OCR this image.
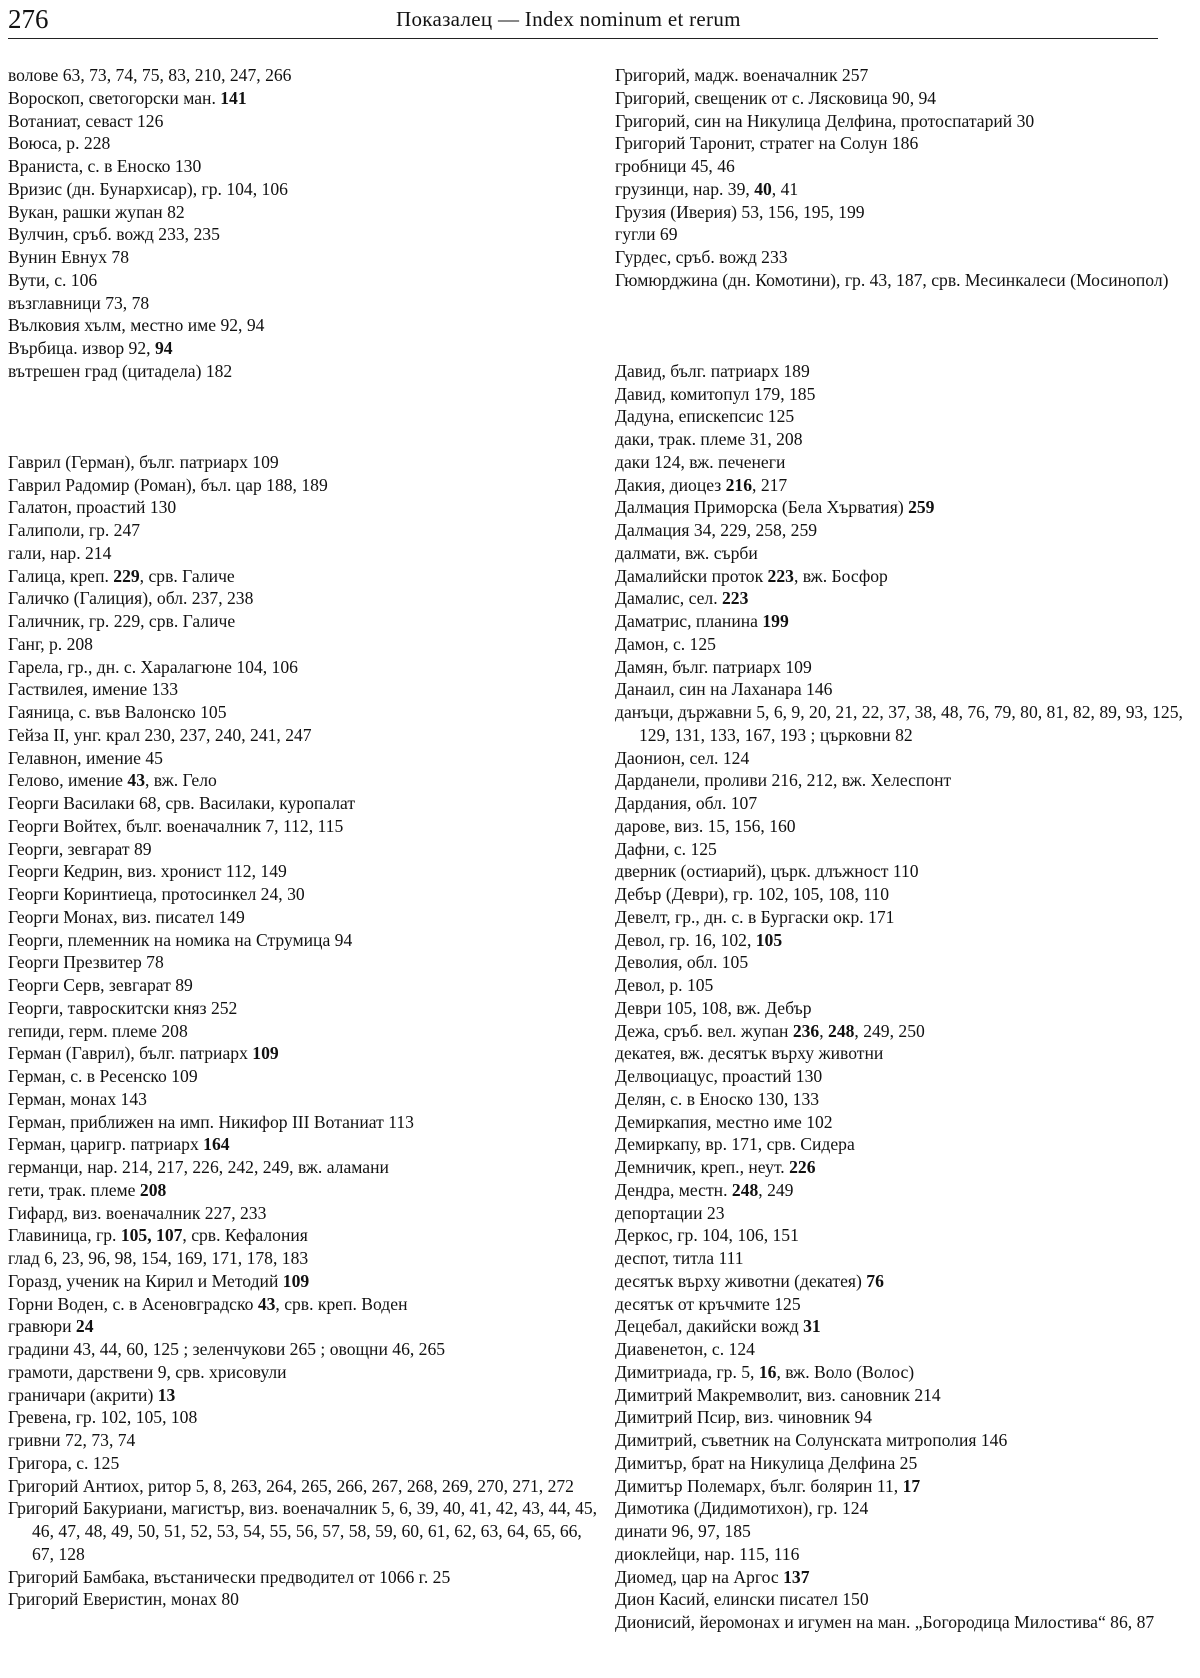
276	Показалец — Index nominum et rerum
волове 63, 73, 74, 75, 83, 210, 247, 266
Ворoскоп, светогорски ман. 141
Вотаниат, севаст 126
Воюса, р. 228
Враниста, с. в Еноско 130
Вризис (дн. Бунархисар), гр. 104, 106
Вукан, рашки жупан 82
Вулчин, сръб. вожд 233, 235
Вунин Евнух 78
Вути, с. 106
възглавници 73, 78
Вълковия хълм, местно име 92, 94
Върбица. извор 92, 94
вътрешен град (цитадела) 182
Гаврил (Герман), бълг. патриарх 109
Гаврил Радомир (Роман), бъл. цар 188, 189
Галатон, проастий 130
Галиполи, гр. 247
гали, нар. 214
Галица, креп. 229, срв. Галиче
Галичко (Галиция), обл. 237, 238
Галичник, гр. 229, срв. Галиче
Ганг, р. 208
Гарела, гр., дн. с. Харалагюне 104, 106
Гаствилея, имение 133
Гаяница, с. във Валонско 105
Гейза II, унг. крал 230, 237, 240, 241, 247
Гелавнон, имение 45
Гелово, имение 43, вж. Гело
Георги Василаки 68, срв. Василаки, куропалат
Георги Войтех, бълг. военачалник 7, 112, 115
Георги, зевгарат 89
Георги Кедрин, виз. хронист 112, 149
Георги Коринтиеца, протосинкел 24, 30
Георги Монах, виз. писател 149
Георги, племенник на номика на Струмица 94
Георги Презвитер 78
Георги Серв, зевгарат 89
Георги, тавроскитски княз 252
гепиди, герм. племе 208
Герман (Гаврил), бълг. патриарх 109
Герман, с. в Ресенско 109
Герман, монах 143
Герман, приближен на имп. Никифор III Вотаниат 113
Герман, царигр. патриарх 164
германци, нар. 214, 217, 226, 242, 249, вж. аламани
гети, трак. племе 208
Гифард, виз. военачалник 227, 233
Главиница, гр. 105, 107, срв. Кефалония
глад 6, 23, 96, 98, 154, 169, 171, 178, 183
Горазд, ученик на Кирил и Методий 109
Горни Воден, с. в Асеновградско 43, срв. креп. Воден
гравюри 24
градини 43, 44, 60, 125 ; зеленчукови 265 ; овощни 46, 265
грамоти, дарствени 9, срв. хрисовули
граничари (акрити) 13
Гревена, гр. 102, 105, 108
гривни 72, 73, 74
Григора, с. 125
Григорий Антиох, ритор 5, 8, 263, 264, 265, 266, 267, 268, 269, 270, 271, 272
Григорий Бакуриани, магистър, виз. военачалник 5, 6, 39, 40, 41, 42, 43, 44, 45, 46, 47, 48, 49, 50, 51, 52, 53, 54, 55, 56, 57, 58, 59, 60, 61, 62, 63, 64, 65, 66, 67, 128
Григорий Бамбака, въстанически предводител от 1066 г. 25
Григорий Еверистин, монах 80
Григорий, мадж. военачалник 257
Григорий, свещеник от с. Лясковица 90, 94
Григорий, син на Никулица Делфина, протоспатарий 30
Григорий Таронит, стратег на Солун 186
гробници 45, 46
грузинци, нар. 39, 40, 41
Грузия (Иверия) 53, 156, 195, 199
гугли 69
Гурдес, сръб. вожд 233
Гюмюрджина (дн. Комотини), гр. 43, 187, срв. Месинкалеси (Мосинопол)
Давид, бълг. патриарх 189
Давид, комитопул 179, 185
Дадуна, епискепсис 125
даки, трак. племе 31, 208
даки 124, вж. печенеги
Дакия, диоцез 216, 217
Далмация Приморска (Бела Хърватия) 259
Далмация 34, 229, 258, 259
далмати, вж. сърби
Дамалийски проток 223, вж. Босфор
Дамалис, сел. 223
Даматрис, планина 199
Дамон, с. 125
Дамян, бълг. патриарх 109
Данаил, син на Лаханара 146
данъци, държавни 5, 6, 9, 20, 21, 22, 37, 38, 48, 76, 79, 80, 81, 82, 89, 93, 125, 129, 131, 133, 167, 193 ; църковни 82
Даонион, сел. 124
Дарданели, проливи 216, 212, вж. Хелеспонт
Дардания, обл. 107
дарове, виз. 15, 156, 160
Дафни, с. 125
дверник (остиарий), църк. длъжност 110
Дебър (Деври), гр. 102, 105, 108, 110
Девелт, гр., дн. с. в Бургаски окр. 171
Девол, гр. 16, 102, 105
Деволия, обл. 105
Девол, р. 105
Деври 105, 108, вж. Дебър
Дежа, сръб. вел. жупан 236, 248, 249, 250
декатея, вж. десятък върху животни
Делвоциацус, проастий 130
Делян, с. в Еноско 130, 133
Демиркапия, местно име 102
Демиркапу, вр. 171, срв. Сидера
Демничик, креп., неут. 226
Дендра, местн. 248, 249
депортации 23
Деркос, гр. 104, 106, 151
деспот, титла 111
десятък върху животни (декатея) 76
десятък от кръчмите 125
Децебал, дакийски вожд 31
Диавенетон, с. 124
Димитриада, гр. 5, 16, вж. Воло (Волос)
Димитрий Макремволит, виз. сановник 214
Димитрий Псир, виз. чиновник 94
Димитрий, съветник на Солунската митрополия 146
Димитър, брат на Никулица Делфина 25
Димитър Полемарх, бълг. болярин 11, 17
Димотика (Дидимотихон), гр. 124
динати 96, 97, 185
диоклейци, нар. 115, 116
Диомед, цар на Аргос 137
Дион Касий, елински писател 150
Дионисий, йеромонах и игумен на ман. „Богородица Милостива“ 86, 87
